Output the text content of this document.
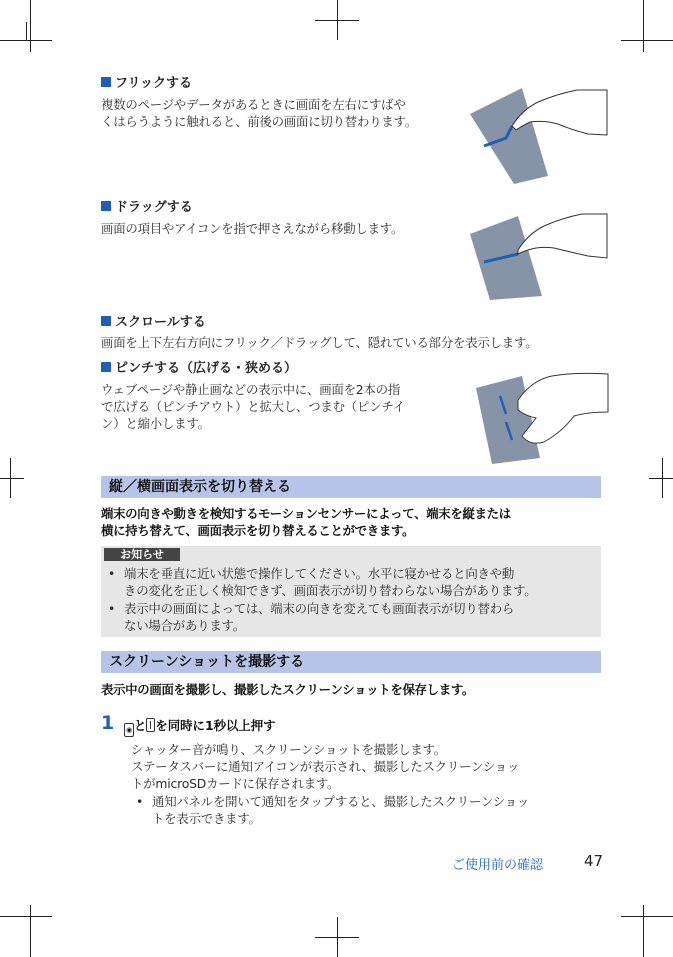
フリックする
複数のページやデータがあるときに画面を左右にすばや
くはらうように触れると、前後の画面に切り替わります。
ドラッグする
画面の項目やアイコンを指で押さえながら移動します。
スクロールする
画面を上下左右方向にフリック／ドラッグして、隠れている部分を表示します。
ピンチする（広げる・狭める）
ウェブページや静止画などの表示中に、画面を2本の指
で広げる（ピンチアウト）と拡大し、つまむ（ピンチイ
ン）と縮小します。
縦／横画面表示を切り替える
端末の向きや動きを検知するモーションセンサーによって、端末を縦または
横に持ち替えて、画面表示を切り替えることができます。
お知らせ
• 端末を垂直に近い状態で操作してください。水平に寝かせると向きや動
きの変化を正しく検知できず、画面表示が切り替わらない場合があります。
• 表示中の画面によっては、端末の向きを変えても画面表示が切り替わら
ない場合があります。
スクリーンショットを撮影する
表示中の画面を撮影し、撮影したスクリーンショットを保存します。
1 ◉ と を同時に1秒以上押す
シャッター音が鳴り、スクリーンショットを撮影します。
ステータスバーに通知アイコンが表示され、撮影したスクリーンショッ
トがmicroSDカードに保存されます。
• 通知パネルを開いて通知をタップすると、撮影したスクリーンショッ
トを表示できます。
ご使用前の確認	47
